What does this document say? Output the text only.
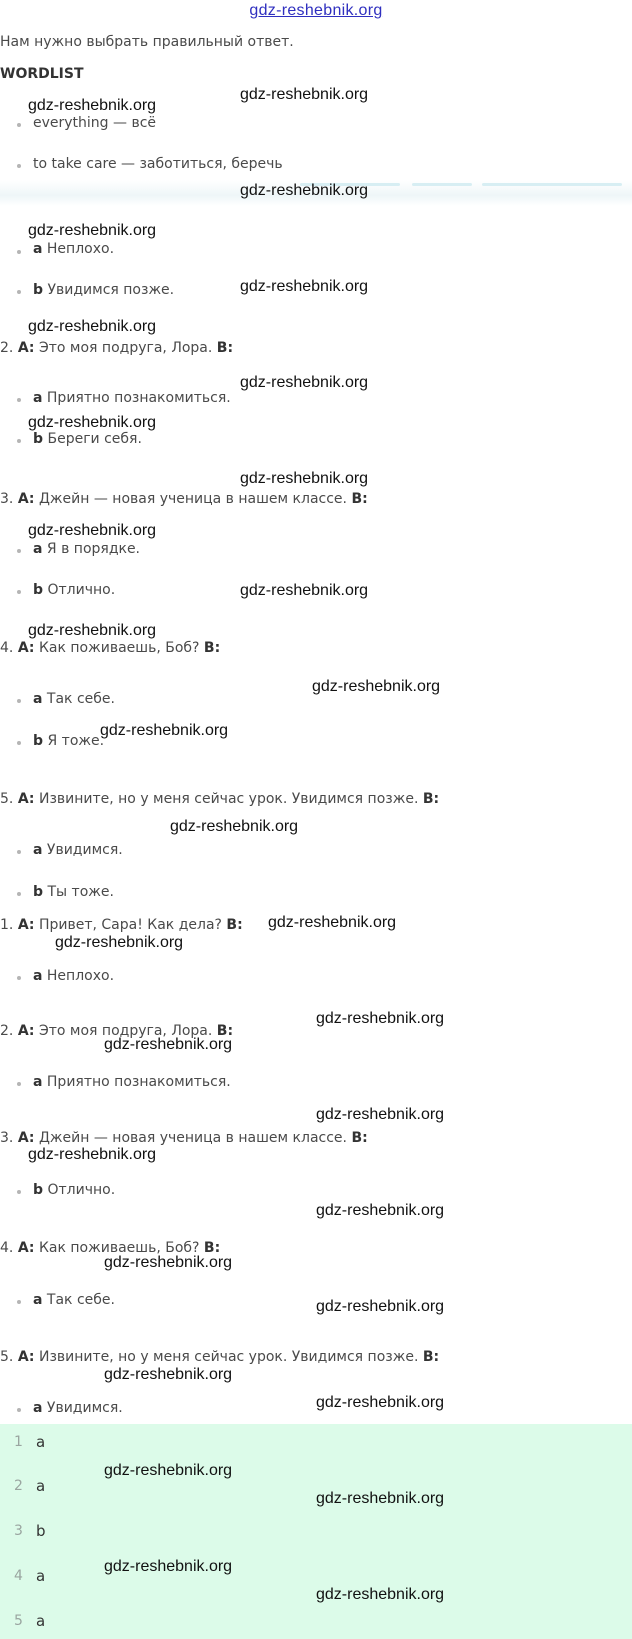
gdz-reshebnik.org
Нам нужно выбрать правильный ответ.
WORDLIST
everything — всё
to take care — заботиться, беречь
a Неплохо.
b Увидимся позже.
2. A: Это моя подруга, Лора. B:
a Приятно познакомиться.
b Береги себя.
3. A: Джейн — новая ученица в нашем классе. B:
a Я в порядке.
b Отлично.
4. A: Как поживаешь, Боб? B:
a Так себе.
b Я тоже.
5. A: Извините, но у меня сейчас урок. Увидимся позже. B:
a Увидимся.
b Ты тоже.
1. A: Привет, Сара! Как дела? B:
a Неплохо.
2. A: Это моя подруга, Лора. B:
a Приятно познакомиться.
3. A: Джейн — новая ученица в нашем классе. B:
b Отлично.
4. A: Как поживаешь, Боб? B:
a Так себе.
5. A: Извините, но у меня сейчас урок. Увидимся позже. B:
a Увидимся.
1 a
2 a
3 b
4 a
5 a
gdz-reshebnik.org
gdz-reshebnik.org
gdz-reshebnik.org
gdz-reshebnik.org
gdz-reshebnik.org
gdz-reshebnik.org
gdz-reshebnik.org
gdz-reshebnik.org
gdz-reshebnik.org
gdz-reshebnik.org
gdz-reshebnik.org
gdz-reshebnik.org
gdz-reshebnik.org
gdz-reshebnik.org
gdz-reshebnik.org
gdz-reshebnik.org
gdz-reshebnik.org
gdz-reshebnik.org
gdz-reshebnik.org
gdz-reshebnik.org
gdz-reshebnik.org
gdz-reshebnik.org
gdz-reshebnik.org
gdz-reshebnik.org
gdz-reshebnik.org
gdz-reshebnik.org
gdz-reshebnik.org
gdz-reshebnik.org
gdz-reshebnik.org
gdz-reshebnik.org
